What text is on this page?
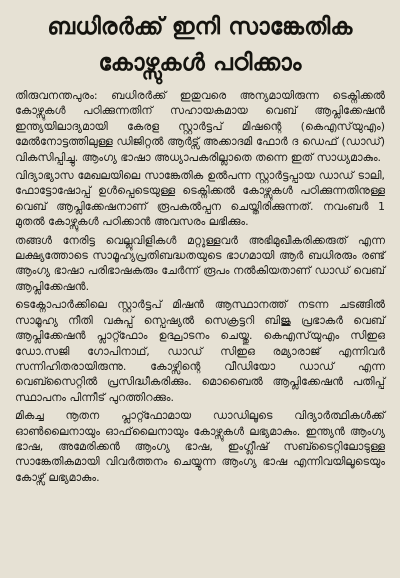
ബധിരർക്ക് ഇനി സാങ്കേതിക
കോഴ്സുകൾ പഠിക്കാം

തിരുവനന്തപുരം: ബധിരർക്ക് ഇതുവരെ അന്യമായിരുന്ന ടെക്നിക്കൽ കോഴ്സുകൾ പഠിക്കുന്നതിന് സഹായകമായ വെബ് ആപ്ലിക്കേഷൻ ഇന്ത്യയിലാദ്യമായി കേരള സ്റ്റാർട്ടപ് മിഷന്റെ (കെഎസ്‌യുഎം) മേൽനോട്ടത്തിലുള്ള ഡിജിറ്റൽ ആർട്സ് അക്കാദമി ഫോർ ദ ഡെഫ് (ഡാഡ്) വികസിപ്പിച്ചു. ആംഗ്യ ഭാഷാ അധ്യാപകരില്ലാതെ തന്നെ ഇത് സാധ്യമാകും.

വിദ്യാഭ്യാസ മേഖലയിലെ സാങ്കേതിക ഉൽപന്ന സ്റ്റാർട്ടപ്പായ ഡാഡ് ടാലി, ഫോട്ടോഷോപ്പ് ഉൾപ്പെടെയുള്ള ടെക്നിക്കൽ കോഴ്സുകൾ പഠിക്കുന്നതിനുള്ള വെബ് ആപ്ലിക്കേഷനാണ് രൂപകൽപ്പന ചെയ്തിരിക്കുന്നത്. നവംബർ 1 മുതൽ കോഴ്സുകൾ പഠിക്കാൻ അവസരം ലഭിക്കും.

തങ്ങൾ നേരിട്ട വെല്ലുവിളികൾ മറ്റുള്ളവർ അഭിമുഖീകരിക്കരുത് എന്ന ലക്ഷ്യത്തോടെ സാമൂഹ്യപ്രതിബദ്ധതയുടെ ഭാഗമായി ആർ ബധിരരും രണ്ട് ആംഗ്യ ഭാഷാ പരിഭാഷകരും ചേർന്ന് രൂപം നൽകിയതാണ് ഡാഡ് വെബ് ആപ്ലിക്കേഷൻ.

ടെക്നോപാർക്കിലെ സ്റ്റാർട്ടപ് മിഷൻ ആസ്ഥാനത്ത് നടന്ന ചടങ്ങിൽ സാമൂഹ്യ നീതി വകുപ്പ് സ്പെഷ്യൽ സെക്രട്ടറി ബിജു പ്രഭാകർ വെബ് ആപ്ലിക്കേഷൻ പ്ലാറ്റ്ഫോം ഉദ്ഘാടനം ചെയ്തു. കെഎസ്‌യുഎം സിഇഒ ഡോ.സജി ഗോപിനാഥ്, ഡാഡ് സിഇഒ രമ്യാരാജ് എന്നിവർ സന്നിഹിതരായിരുന്നു. കോഴ്സിന്റെ വീഡിയോ ഡാഡ് എന്ന വെബ്സൈറ്റിൽ പ്രസിദ്ധീകരിക്കും. മൊബൈൽ ആപ്ലിക്കേഷൻ പതിപ്പ് സ്ഥാപനം പിന്നീട് പുറത്തിറക്കും.

മികച്ച നൂതന പ്ലാറ്റ്ഫോമായ ഡാഡിലൂടെ വിദ്യാർത്ഥികൾക്ക് ഓൺലൈനായും ഓഫ്‌ലൈനായും കോഴ്സുകൾ ലഭ്യമാകും. ഇന്ത്യൻ ആംഗ്യ ഭാഷ, അമേരിക്കൻ ആംഗ്യ ഭാഷ, ഇംഗ്ലീഷ് സബ്ടൈറ്റിലോടുള്ള സാങ്കേതികമായി വിവർത്തനം ചെയ്യുന്ന ആംഗ്യ ഭാഷ എന്നിവയിലൂടെയും കോഴ്സ് ലഭ്യമാകും.
